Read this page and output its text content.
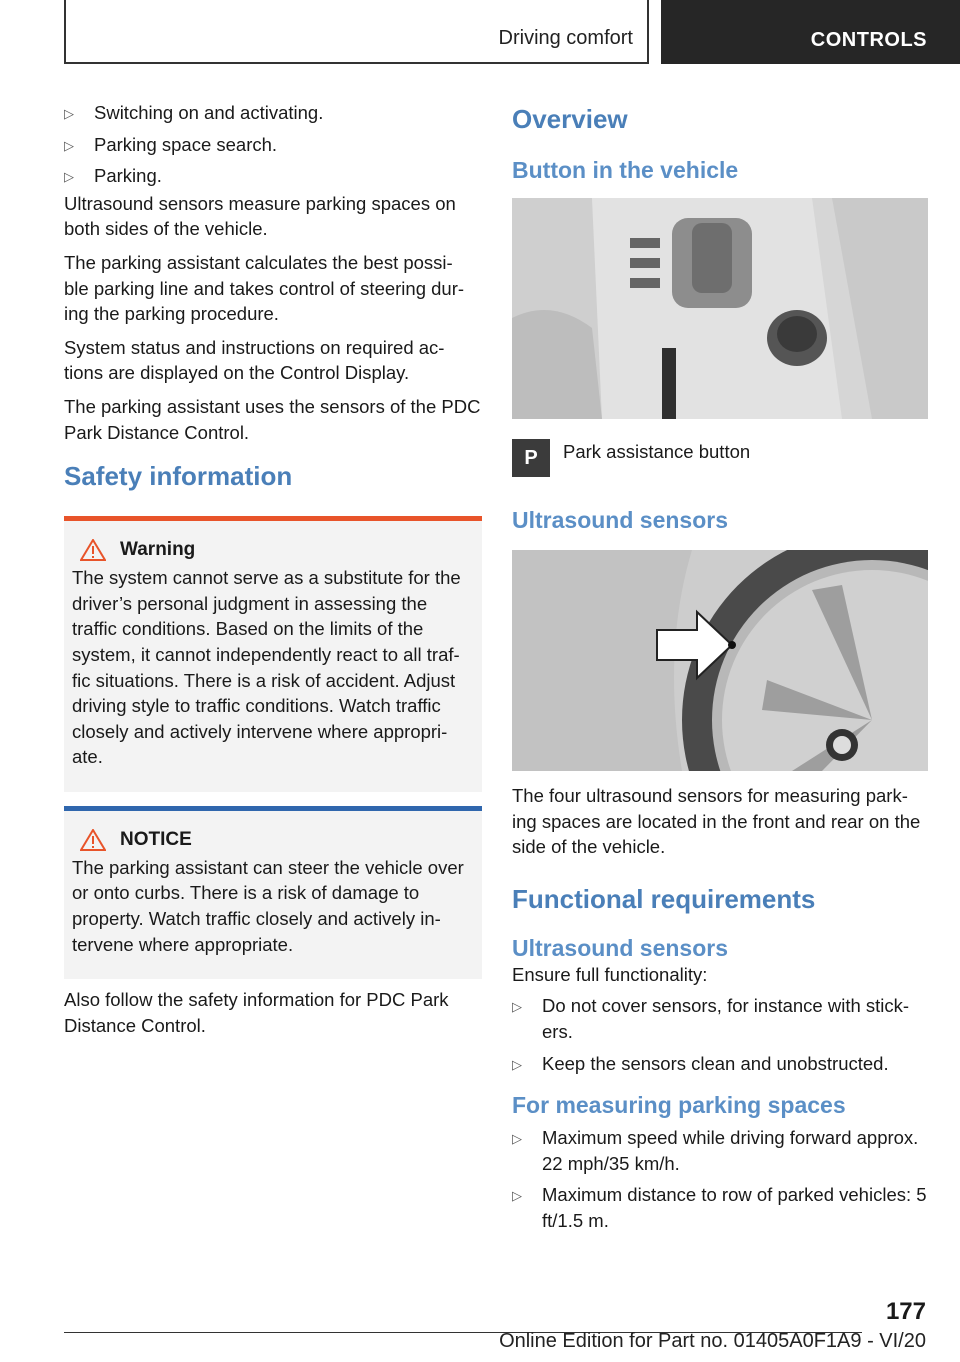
Driving comfort	CONTROLS
▷ Switching on and activating.
▷ Parking space search.
▷ Parking.

Ultrasound sensors measure parking spaces on both sides of the vehicle.

The parking assistant calculates the best possi‐ ble parking line and takes control of steering dur‐ ing the parking procedure.

System status and instructions on required ac‐ tions are displayed on the Control Display.

The parking assistant uses the sensors of the PDC Park Distance Control.

Safety information
Warning

The system cannot serve as a substitute for the driver’s personal judgment in assessing the traffic conditions. Based on the limits of the system, it cannot independently react to all traf‐ fic situations. There is a risk of accident. Adjust driving style to traffic conditions. Watch traffic closely and actively intervene where appropri‐ ate.

NOTICE

The parking assistant can steer the vehicle over or onto curbs. There is a risk of damage to property. Watch traffic closely and actively in‐ tervene where appropriate.

Also follow the safety information for PDC Park Distance Control.

Overview
Button in the vehicle
P Park assistance button

Ultrasound sensors

The four ultrasound sensors for measuring park‐ ing spaces are located in the front and rear on the side of the vehicle.

Functional requirements
Ultrasound sensors

Ensure full functionality:

▷ Do not cover sensors, for instance with stick‐ ers.
▷ Keep the sensors clean and unobstructed.
For measuring parking spaces
▷ Maximum speed while driving forward approx. 22 mph/35 km/h.
▷ Maximum distance to row of parked vehicles: 5 ft/1.5 m.
177
Online Edition for Part no. 01405A0F1A9 - VI/20
